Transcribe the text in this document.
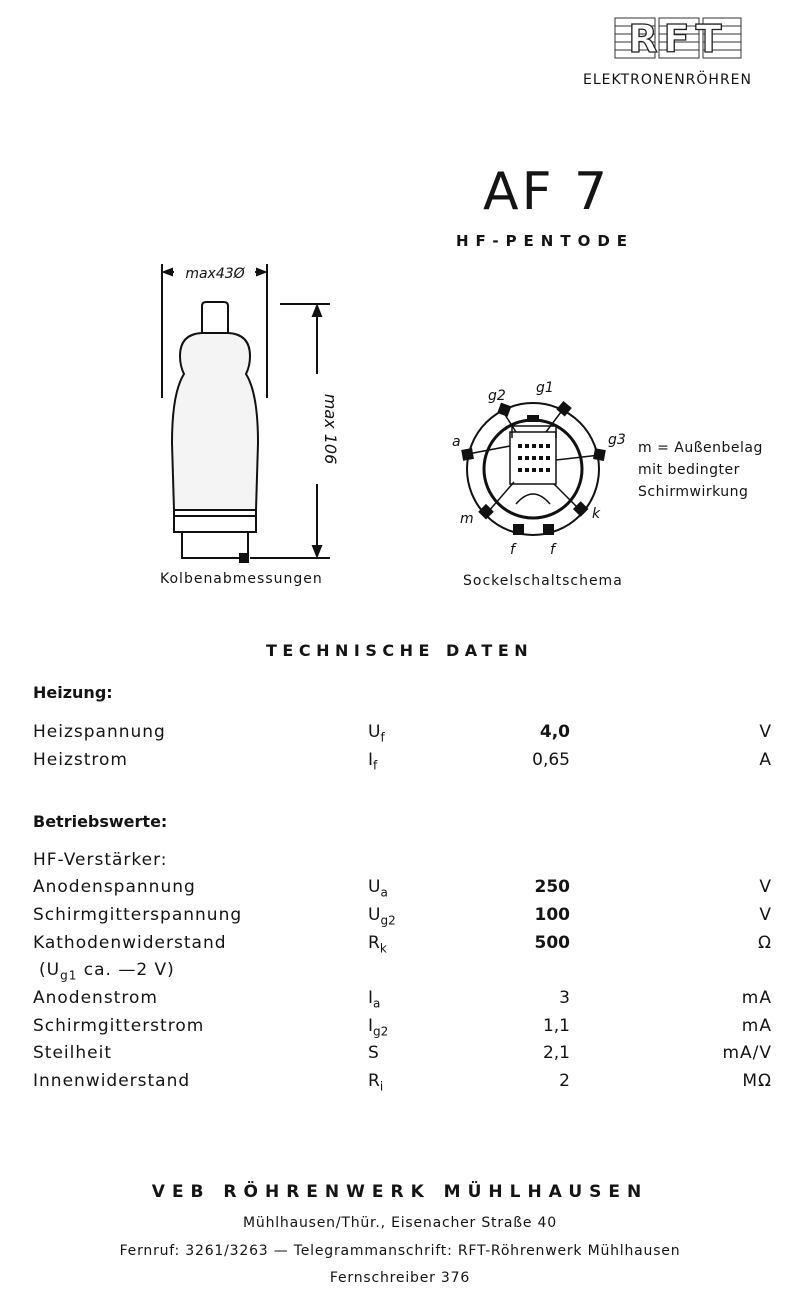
RFT
ELEKTRONENRÖHREN
AF 7
HF-PENTODE
max43Ø
max 106
Kolbenabmessungen
g2 g1
g3
a
m	k
f	f
m = Außenbelag
mit bedingter
Schirmwirkung
Sockelschaltschema
TECHNISCHE DATEN
Heizung:
Heizspannung	$U_f$	4,0	V
Heizstrom	$I_f$	0,65	A
Betriebswerte:
HF-Verstärker:
Anodenspannung	$U_a$	250	V
Schirmgitterspannung	$U_{g2}$	100	V
Kathodenwiderstand	$R_k$	500	Ω
($U_{g1}$ ca. —2 V)
Anodenstrom	$I_a$	3	mA
Schirmgitterstrom	$I_{g2}$	1,1	mA
Steilheit	S	2,1	mA/V
Innenwiderstand	$R_i$	2	MΩ
VEB RÖHRENWERK MÜHLHAUSEN
Mühlhausen/Thür., Eisenacher Straße 40
Fernruf: 3261/3263 — Telegrammanschrift: RFT-Röhrenwerk Mühlhausen
Fernschreiber 376
